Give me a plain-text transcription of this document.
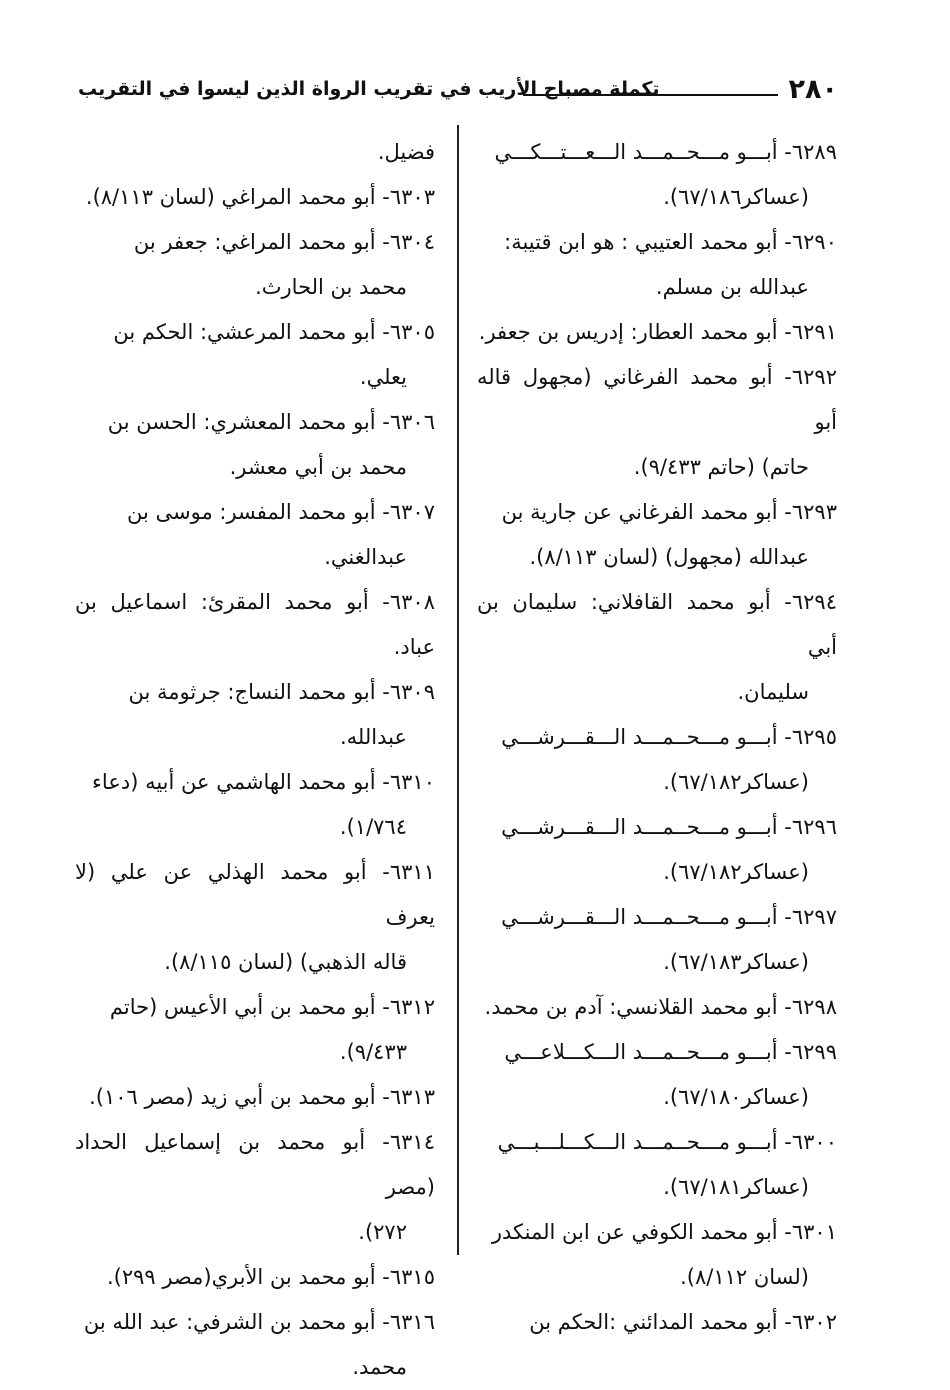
٢٨٠
تكملة مصباح الأريب في تقريب الرواة الذين ليسوا في التقريب

٦٢٨٩- أبـــو مـــحــمـــد الـــعـــتـــكـــي

(عساكر٦٧/١٨٦).

٦٢٩٠- أبو محمد العتيبي : هو ابن قتيبة:

عبدالله بن مسلم.

٦٢٩١- أبو محمد العطار: إدريس بن جعفر.

٦٢٩٢- أبو محمد الفرغاني (مجهول قاله أبو

حاتم) (حاتم ٩/٤٣٣).

٦٢٩٣- أبو محمد الفرغاني عن جارية بن

عبدالله (مجهول) (لسان ٨/١١٣).

٦٢٩٤- أبو محمد القافلاني: سليمان بن أبي

سليمان.

٦٢٩٥- أبـــو مـــحــمـــد الـــقـــرشـــي

(عساكر٦٧/١٨٢).

٦٢٩٦- أبـــو مـــحــمـــد الـــقـــرشـــي

(عساكر٦٧/١٨٢).

٦٢٩٧- أبـــو مـــحــمـــد الـــقـــرشـــي

(عساكر٦٧/١٨٣).

٦٢٩٨- أبو محمد القلانسي: آدم بن محمد.

٦٢٩٩- أبـــو مـــحــمـــد الـــكـــلاعـــي

(عساكر٦٧/١٨٠).

٦٣٠٠- أبـــو مـــحــمـــد الـــكـــلـــبـــي

(عساكر٦٧/١٨١).

٦٣٠١- أبو محمد الكوفي عن ابن المنكدر

(لسان ٨/١١٢).

٦٣٠٢- أبو محمد المدائني :الحكم بن

فضيل.

٦٣٠٣- أبو محمد المراغي (لسان ٨/١١٣).

٦٣٠٤- أبو محمد المراغي: جعفر بن

محمد بن الحارث.

٦٣٠٥- أبو محمد المرعشي: الحكم بن

يعلي.

٦٣٠٦- أبو محمد المعشري: الحسن بن

محمد بن أبي معشر.

٦٣٠٧- أبو محمد المفسر: موسى بن

عبدالغني.

٦٣٠٨- أبو محمد المقرئ: اسماعيل بن عباد.

٦٣٠٩- أبو محمد النساج: جرثومة بن

عبدالله.

٦٣١٠- أبو محمد الهاشمي عن أبيه (دعاء

١/٧٦٤).

٦٣١١- أبو محمد الهذلي عن علي (لا يعرف

قاله الذهبي) (لسان ٨/١١٥).

٦٣١٢- أبو محمد بن أبي الأعيس (حاتم

٩/٤٣٣).

٦٣١٣- أبو محمد بن أبي زيد (مصر ١٠٦).

٦٣١٤- أبو محمد بن إسماعيل الحداد (مصر

٢٧٢).

٦٣١٥- أبو محمد بن الأبري(مصر ٢٩٩).

٦٣١٦- أبو محمد بن الشرفي: عبد الله بن

محمد.
